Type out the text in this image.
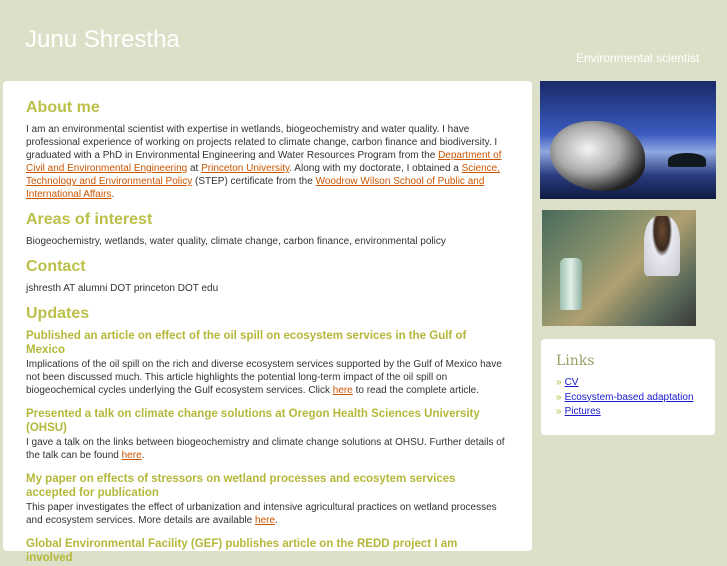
Junu Shrestha
Environmental scientist
About me

I am an environmental scientist with expertise in wetlands, biogeochemistry and water quality. I have professional experience of working on projects related to climate change, carbon finance and biodiversity. I graduated with a PhD in Environmental Engineering and Water Resources Program from the Department of Civil and Environmental Engineering at Princeton University. Along with my doctorate, I obtained a Science, Technology and Environmental Policy (STEP) certificate from the Woodrow Wilson School of Public and International Affairs.

Areas of interest

Biogeochemistry, wetlands, water quality, climate change, carbon finance, environmental policy

Contact

jshresth AT alumni DOT princeton DOT edu

Updates
Published an article on effect of the oil spill on ecosystem services in the Gulf of Mexico

Implications of the oil spill on the rich and diverse ecosystem services supported by the Gulf of Mexico have not been discussed much. This article highlights the potential long-term impact of the oil spill on biogeochemical cycles underlying the Gulf ecosystem services. Click here to read the complete article.

Presented a talk on climate change solutions at Oregon Health Sciences University (OHSU)

I gave a talk on the links between biogeochemistry and climate change solutions at OHSU. Further details of the talk can be found here.

My paper on effects of stressors on wetland processes and ecosytem services accepted for publication

This paper investigates the effect of urbanization and intensive agricultural practices on wetland processes and ecosystem services. More details are available here.

Global Environmental Facility (GEF) publishes article on the REDD project I am involved
Links
» CV
» Ecosystem-based adaptation
» Pictures
